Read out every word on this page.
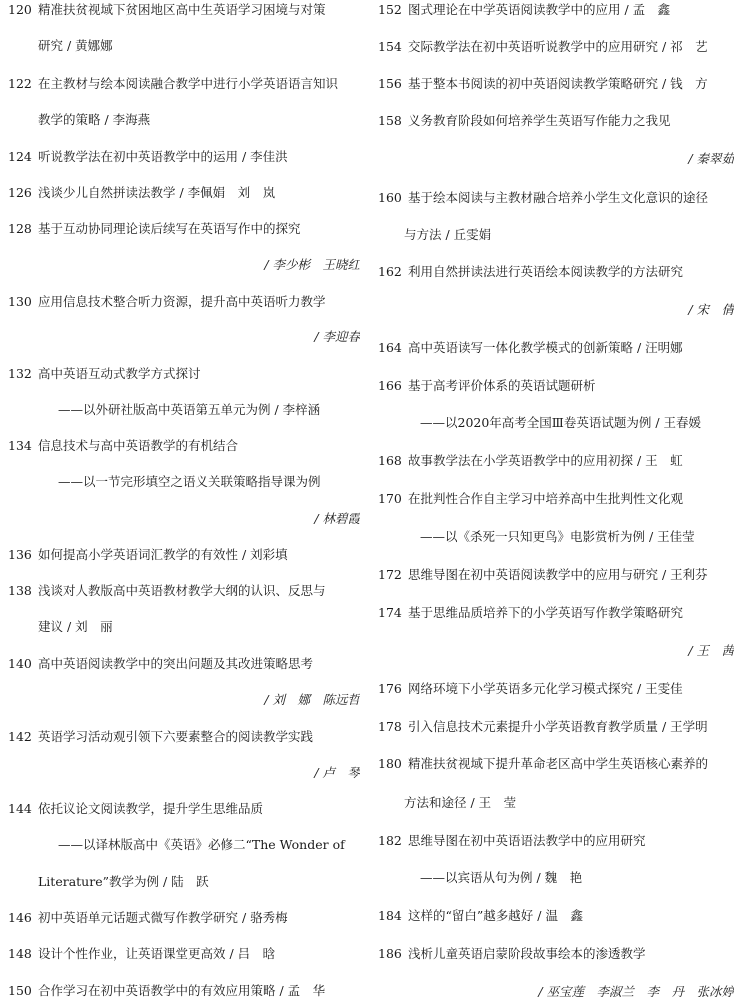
120 精准扶贫视域下贫困地区高中生英语学习困境与对策
研究 / 黄娜娜
122 在主教材与绘本阅读融合教学中进行小学英语语言知识
教学的策略 / 李海燕
124 听说教学法在初中英语教学中的运用 / 李佳洪
126 浅谈少儿自然拼读法教学 / 李佩娟　刘　岚
128 基于互动协同理论读后续写在英语写作中的探究
/ 李少彬　王晓红
130 应用信息技术整合听力资源，提升高中英语听力教学
/ 李迎春
132 高中英语互动式教学方式探讨
——以外研社版高中英语第五单元为例 / 李梓涵
134 信息技术与高中英语教学的有机结合
——以一节完形填空之语义关联策略指导课为例
/ 林碧霞
136 如何提高小学英语词汇教学的有效性 / 刘彩填
138 浅谈对人教版高中英语教材教学大纲的认识、反思与
建议 / 刘　丽
140 高中英语阅读教学中的突出问题及其改进策略思考
/ 刘　娜　陈远哲
142 英语学习活动观引领下六要素整合的阅读教学实践
/ 卢　琴
144 依托议论文阅读教学，提升学生思维品质
——以译林版高中《英语》必修二“The Wonder of
Literature”教学为例 / 陆　跃
146 初中英语单元话题式微写作教学研究 / 骆秀梅
148 设计个性作业，让英语课堂更高效 / 吕　晗
150 合作学习在初中英语教学中的有效应用策略 / 孟　华
152 图式理论在中学英语阅读教学中的应用 / 孟　鑫
154 交际教学法在初中英语听说教学中的应用研究 / 祁　艺
156 基于整本书阅读的初中英语阅读教学策略研究 / 钱　方
158 义务教育阶段如何培养学生英语写作能力之我见
/ 秦翠茹
160 基于绘本阅读与主教材融合培养小学生文化意识的途径
与方法 / 丘雯娟
162 利用自然拼读法进行英语绘本阅读教学的方法研究
/ 宋　倩
164 高中英语读写一体化教学模式的创新策略 / 汪明娜
166 基于高考评价体系的英语试题研析
——以2020年高考全国Ⅲ卷英语试题为例 / 王春媛
168 故事教学法在小学英语教学中的应用初探 / 王　虹
170 在批判性合作自主学习中培养高中生批判性文化观
——以《杀死一只知更鸟》电影赏析为例 / 王佳莹
172 思维导图在初中英语阅读教学中的应用与研究 / 王利芬
174 基于思维品质培养下的小学英语写作教学策略研究
/ 王　茜
176 网络环境下小学英语多元化学习模式探究 / 王雯佳
178 引入信息技术元素提升小学英语教育教学质量 / 王学明
180 精准扶贫视域下提升革命老区高中学生英语核心素养的
方法和途径 / 王　莹
182 思维导图在初中英语语法教学中的应用研究
——以宾语从句为例 / 魏　艳
184 这样的“留白”越多越好 / 温　鑫
186 浅析儿童英语启蒙阶段故事绘本的渗透教学
/ 巫宝莲　李淑兰　李　丹　张冰婷
